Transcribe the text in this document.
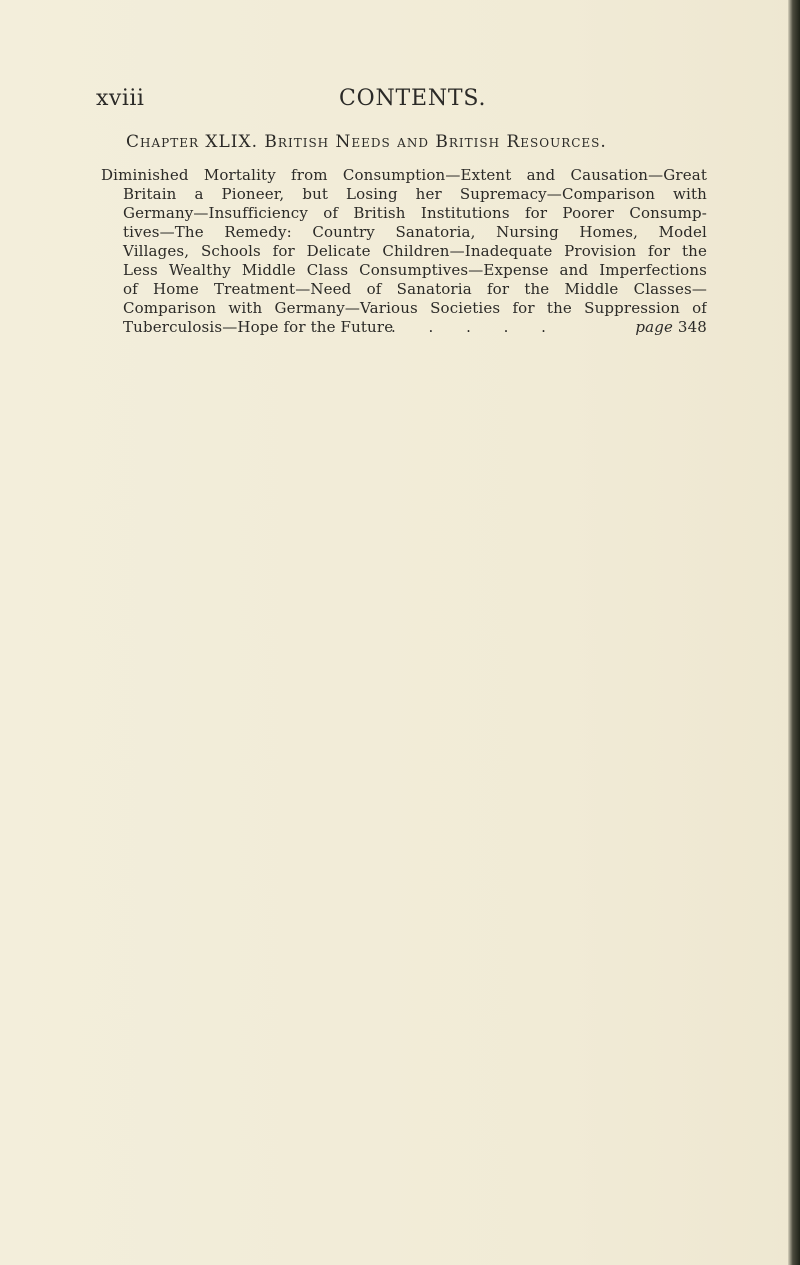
xviii	CONTENTS.
Chapter XLIX. British Needs and British Resources.
Diminished Mortality from Consumption—Extent and Causation—Great
Britain a Pioneer, but Losing her Supremacy—Comparison with
Germany—Insufficiency of British Institutions for Poorer Consump-
tives—The Remedy: Country Sanatoria, Nursing Homes, Model
Villages, Schools for Delicate Children—Inadequate Provision for the
Less Wealthy Middle Class Consumptives—Expense and Imperfections
of Home Treatment—Need of Sanatoria for the Middle Classes—
Comparison with Germany—Various Societies for the Suppression of
Tuberculosis—Hope for the Future
. . . . .	page 348
